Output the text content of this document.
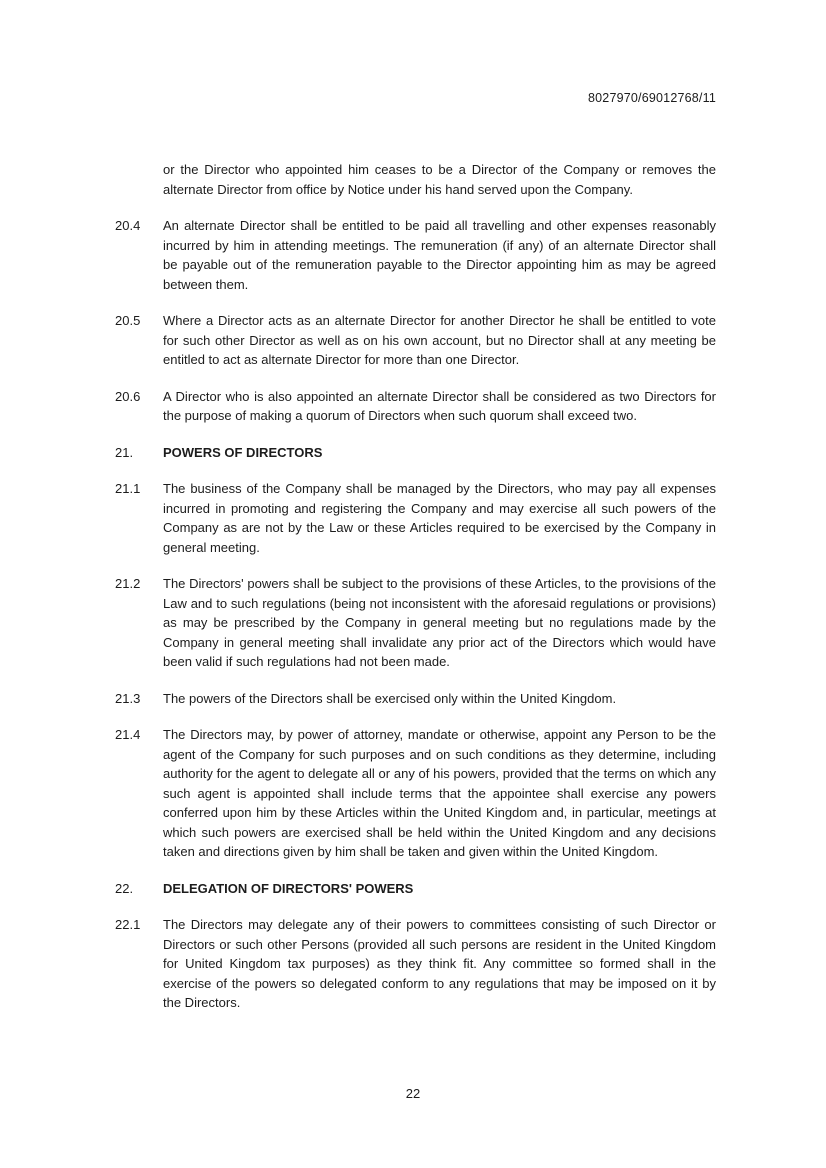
8027970/69012768/11

or the Director who appointed him ceases to be a Director of the Company or removes the alternate Director from office by Notice under his hand served upon the Company.

20.4	An alternate Director shall be entitled to be paid all travelling and other expenses reasonably incurred by him in attending meetings. The remuneration (if any) of an alternate Director shall be payable out of the remuneration payable to the Director appointing him as may be agreed between them.

20.5	Where a Director acts as an alternate Director for another Director he shall be entitled to vote for such other Director as well as on his own account, but no Director shall at any meeting be entitled to act as alternate Director for more than one Director.

20.6	A Director who is also appointed an alternate Director shall be considered as two Directors for the purpose of making a quorum of Directors when such quorum shall exceed two.

21.	POWERS OF DIRECTORS

21.1	The business of the Company shall be managed by the Directors, who may pay all expenses incurred in promoting and registering the Company and may exercise all such powers of the Company as are not by the Law or these Articles required to be exercised by the Company in general meeting.

21.2	The Directors' powers shall be subject to the provisions of these Articles, to the provisions of the Law and to such regulations (being not inconsistent with the aforesaid regulations or provisions) as may be prescribed by the Company in general meeting but no regulations made by the Company in general meeting shall invalidate any prior act of the Directors which would have been valid if such regulations had not been made.

21.3	The powers of the Directors shall be exercised only within the United Kingdom.

21.4	The Directors may, by power of attorney, mandate or otherwise, appoint any Person to be the agent of the Company for such purposes and on such conditions as they determine, including authority for the agent to delegate all or any of his powers, provided that the terms on which any such agent is appointed shall include terms that the appointee shall exercise any powers conferred upon him by these Articles within the United Kingdom and, in particular, meetings at which such powers are exercised shall be held within the United Kingdom and any decisions taken and directions given by him shall be taken and given within the United Kingdom.

22.	DELEGATION OF DIRECTORS' POWERS

22.1	The Directors may delegate any of their powers to committees consisting of such Director or Directors or such other Persons (provided all such persons are resident in the United Kingdom for United Kingdom tax purposes) as they think fit. Any committee so formed shall in the exercise of the powers so delegated conform to any regulations that may be imposed on it by the Directors.

22
